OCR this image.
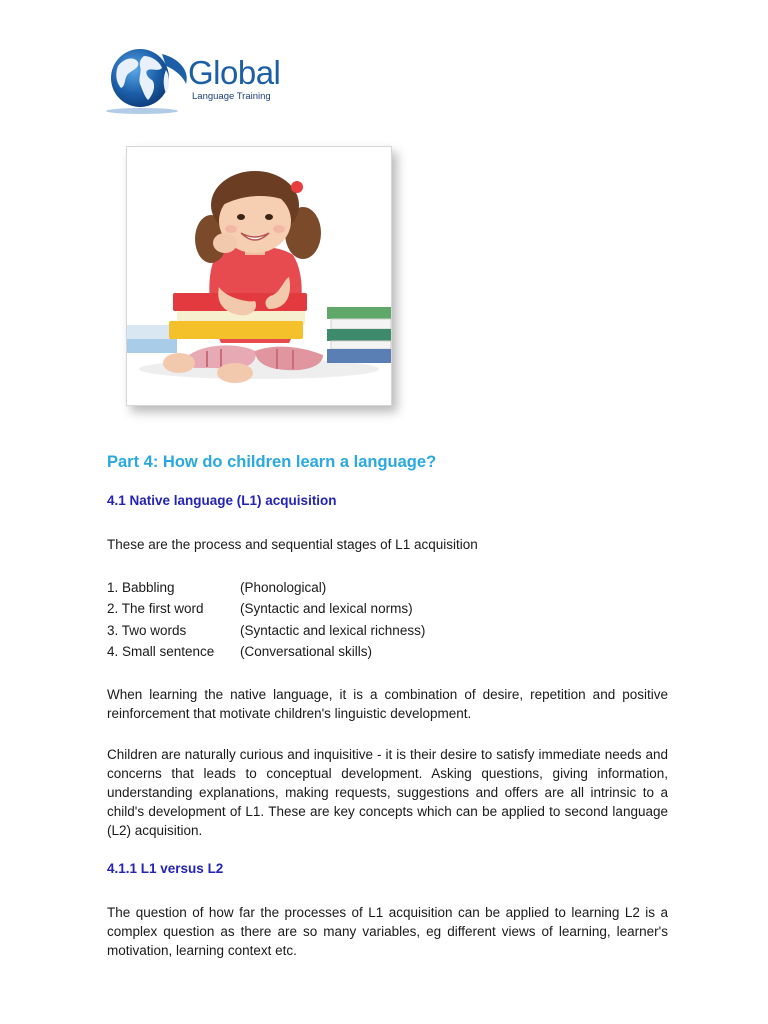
Global
Language Training
Part 4: How do children learn a language?
4.1 Native language (L1) acquisition
These are the process and sequential stages of L1 acquisition
1. Babbling	(Phonological)
2. The first word	(Syntactic and lexical norms)
3. Two words	(Syntactic and lexical richness)
4. Small sentence	(Conversational skills)
When learning the native language, it is a combination of desire, repetition and positive reinforcement that motivate children's linguistic development.
Children are naturally curious and inquisitive - it is their desire to satisfy immediate needs and concerns that leads to conceptual development. Asking questions, giving information, understanding explanations, making requests, suggestions and offers are all intrinsic to a child's development of L1. These are key concepts which can be applied to second language (L2) acquisition.
4.1.1 L1 versus L2
The question of how far the processes of L1 acquisition can be applied to learning L2 is a complex question as there are so many variables, eg different views of learning, learner's motivation, learning context etc.
